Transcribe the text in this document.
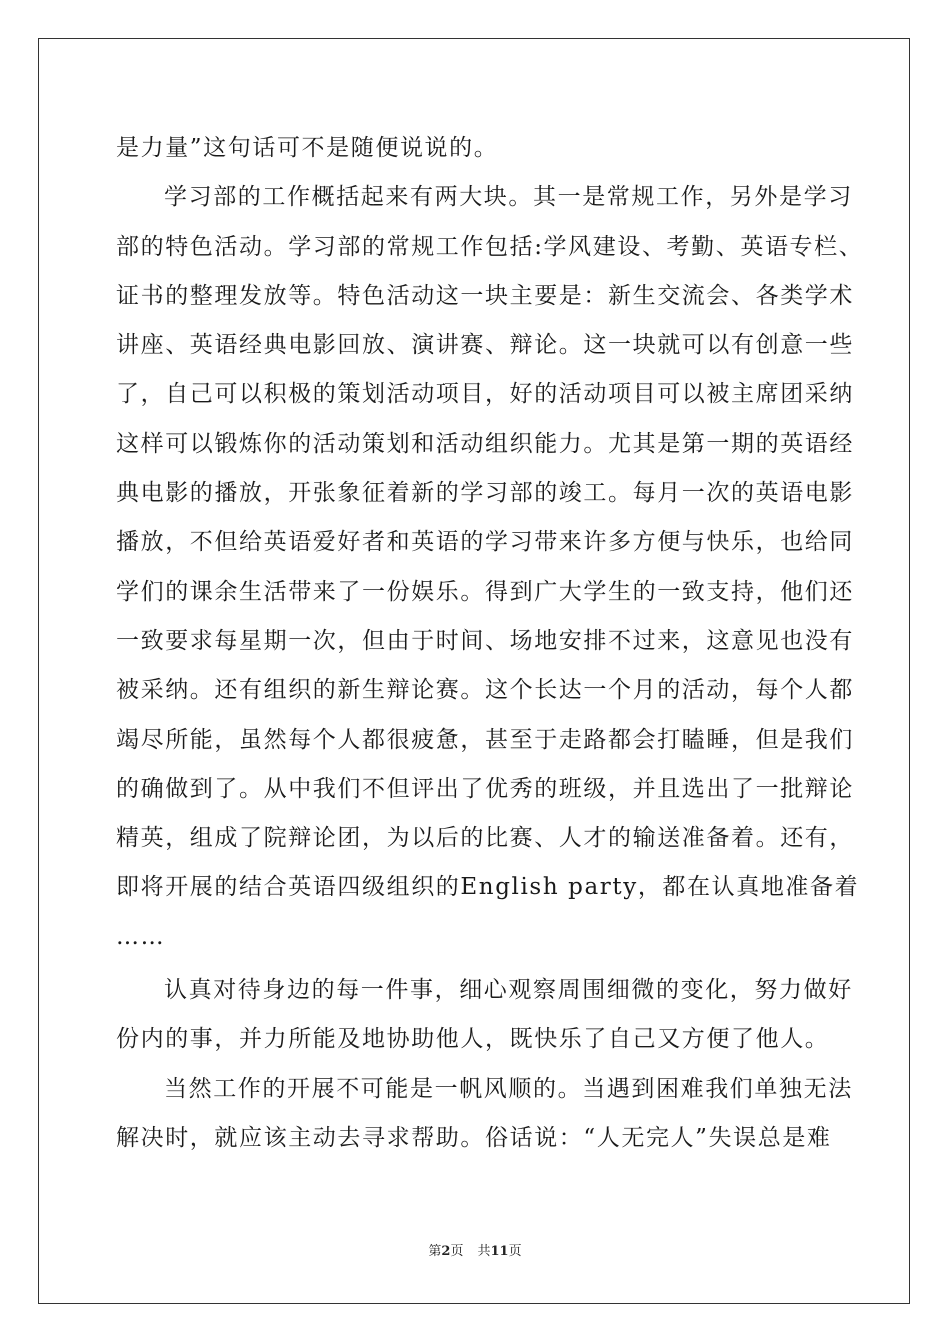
是力量”这句话可不是随便说说的。
学习部的工作概括起来有两大块。其一是常规工作，另外是学习
部的特色活动。学习部的常规工作包括:学风建设、考勤、英语专栏、
证书的整理发放等。特色活动这一块主要是：新生交流会、各类学术
讲座、英语经典电影回放、演讲赛、辩论。这一块就可以有创意一些
了，自己可以积极的策划活动项目，好的活动项目可以被主席团采纳
这样可以锻炼你的活动策划和活动组织能力。尤其是第一期的英语经
典电影的播放，开张象征着新的学习部的竣工。每月一次的英语电影
播放，不但给英语爱好者和英语的学习带来许多方便与快乐，也给同
学们的课余生活带来了一份娱乐。得到广大学生的一致支持，他们还
一致要求每星期一次，但由于时间、场地安排不过来，这意见也没有
被采纳。还有组织的新生辩论赛。这个长达一个月的活动，每个人都
竭尽所能，虽然每个人都很疲惫，甚至于走路都会打瞌睡，但是我们
的确做到了。从中我们不但评出了优秀的班级，并且选出了一批辩论
精英，组成了院辩论团，为以后的比赛、人才的输送准备着。还有，
即将开展的结合英语四级组织的English party，都在认真地准备着
……
认真对待身边的每一件事，细心观察周围细微的变化，努力做好
份内的事，并力所能及地协助他人，既快乐了自己又方便了他人。
当然工作的开展不可能是一帆风顺的。当遇到困难我们单独无法
解决时，就应该主动去寻求帮助。俗话说：“人无完人”失误总是难
第2页 共11页
